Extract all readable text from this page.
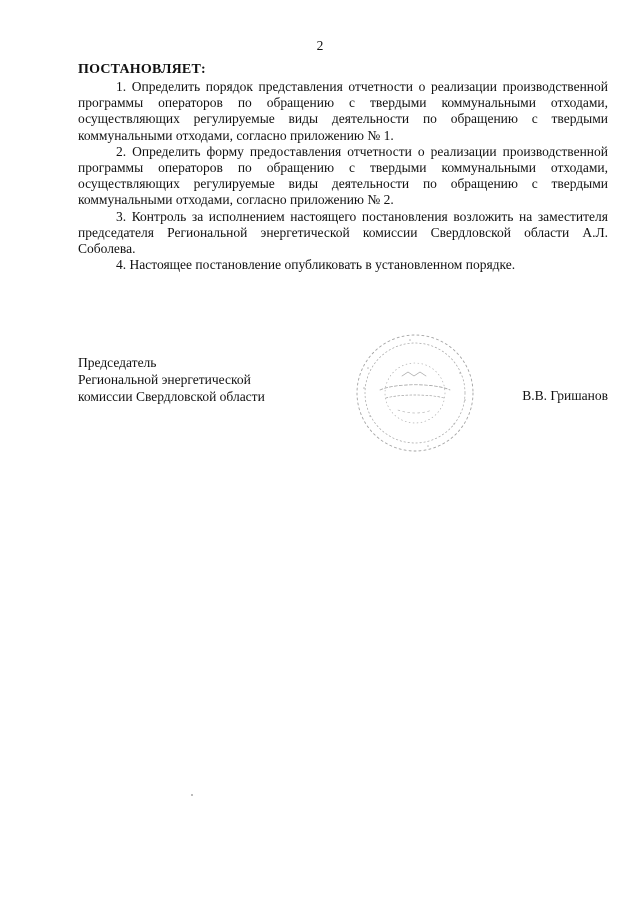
2
ПОСТАНОВЛЯЕТ:

1. Определить порядок представления отчетности о реализации производственной программы операторов по обращению с твердыми коммунальными отходами, осуществляющих регулируемые виды деятельности по обращению с твердыми коммунальными отходами, согласно приложению № 1.

2. Определить форму предоставления отчетности о реализации производственной программы операторов по обращению с твердыми коммунальными отходами, осуществляющих регулируемые виды деятельности по обращению с твердыми коммунальными отходами, согласно приложению № 2.

3. Контроль за исполнением настоящего постановления возложить на заместителя председателя Региональной энергетической комиссии Свердловской области А.Л. Соболева.

4. Настоящее постановление опубликовать в установленном порядке.

Председатель
Региональной энергетической
комиссии Свердловской области	В.В. Гришанов
